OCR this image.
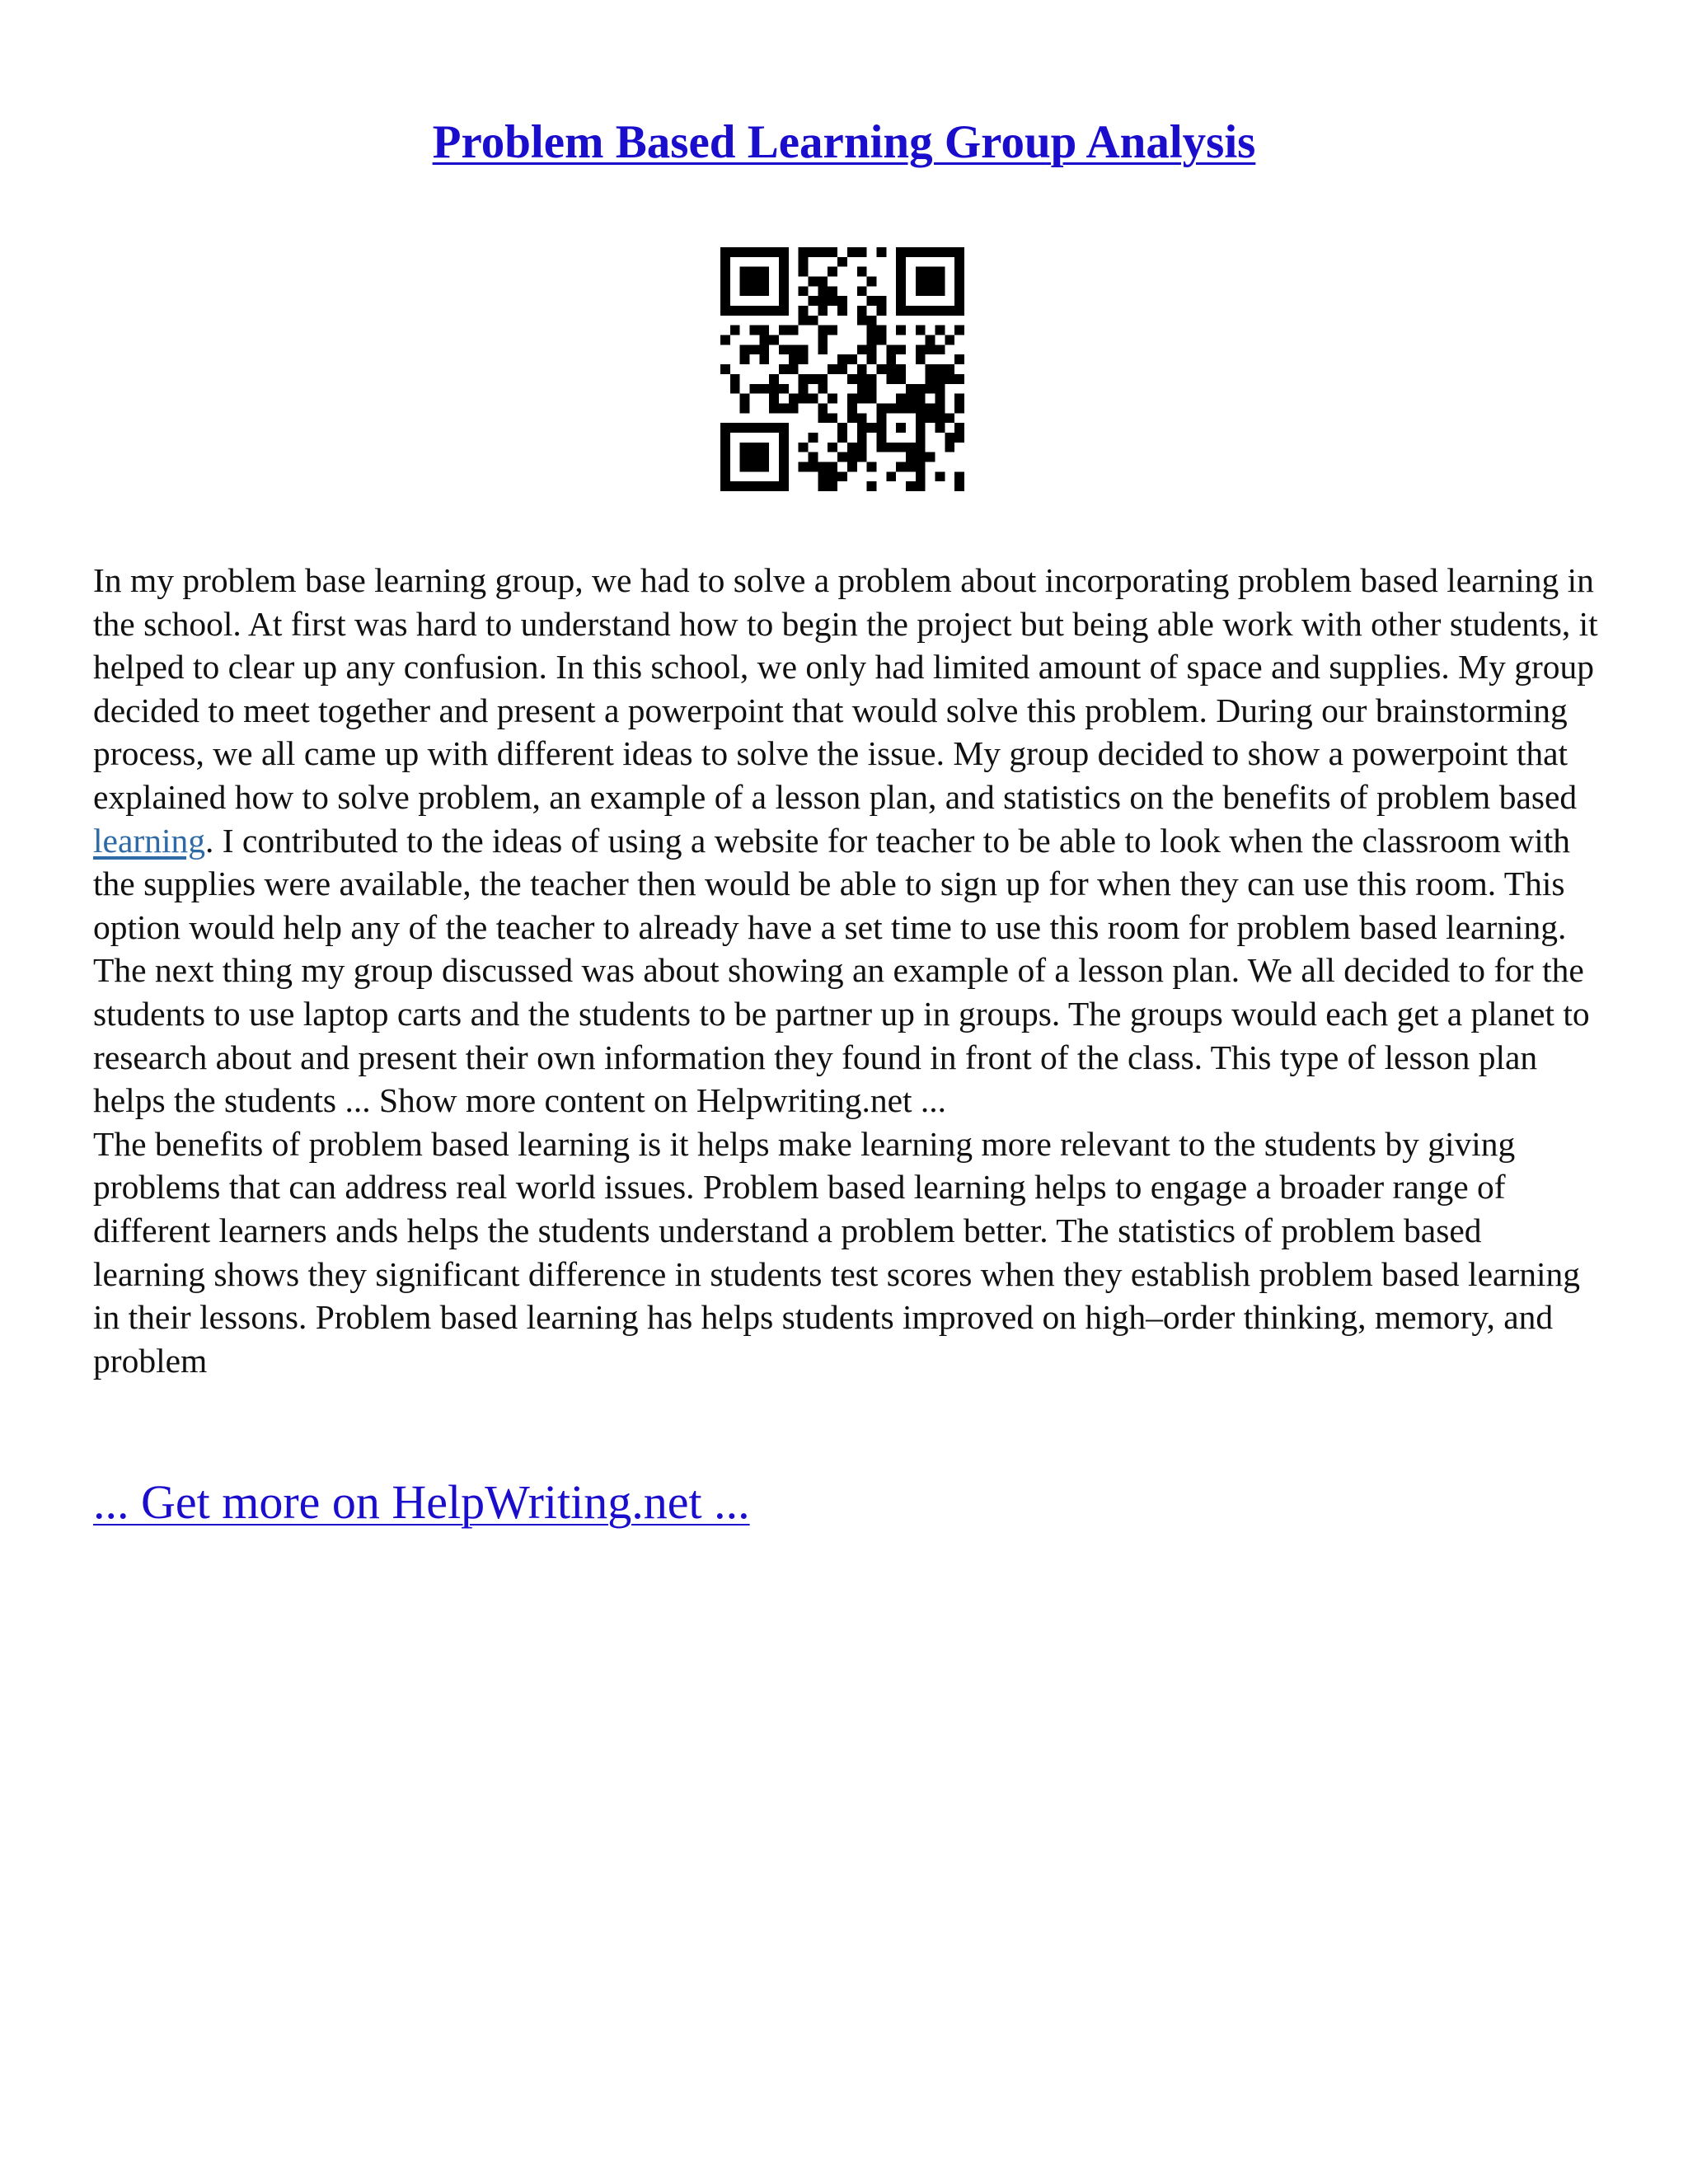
Problem Based Learning Group Analysis

In my problem base learning group, we had to solve a problem about incorporating problem based learning in the school. At first was hard to understand how to begin the project but being able work with other students, it helped to clear up any confusion. In this school, we only had limited amount of space and supplies. My group decided to meet together and present a powerpoint that would solve this problem. During our brainstorming process, we all came up with different ideas to solve the issue. My group decided to show a powerpoint that explained how to solve problem, an example of a lesson plan, and statistics on the benefits of problem based learning. I contributed to the ideas of using a website for teacher to be able to look when the classroom with the supplies were available, the teacher then would be able to sign up for when they can use this room. This option would help any of the teacher to already have a set time to use this room for problem based learning. The next thing my group discussed was about showing an example of a lesson plan. We all decided to for the students to use laptop carts and the students to be partner up in groups. The groups would each get a planet to research about and present their own information they found in front of the class. This type of lesson plan helps the students ... Show more content on Helpwriting.net ...

The benefits of problem based learning is it helps make learning more relevant to the students by giving problems that can address real world issues. Problem based learning helps to engage a broader range of different learners ands helps the students understand a problem better. The statistics of problem based learning shows they significant difference in students test scores when they establish problem based learning in their lessons. Problem based learning has helps students improved on high–order thinking, memory, and problem

... Get more on HelpWriting.net ...
